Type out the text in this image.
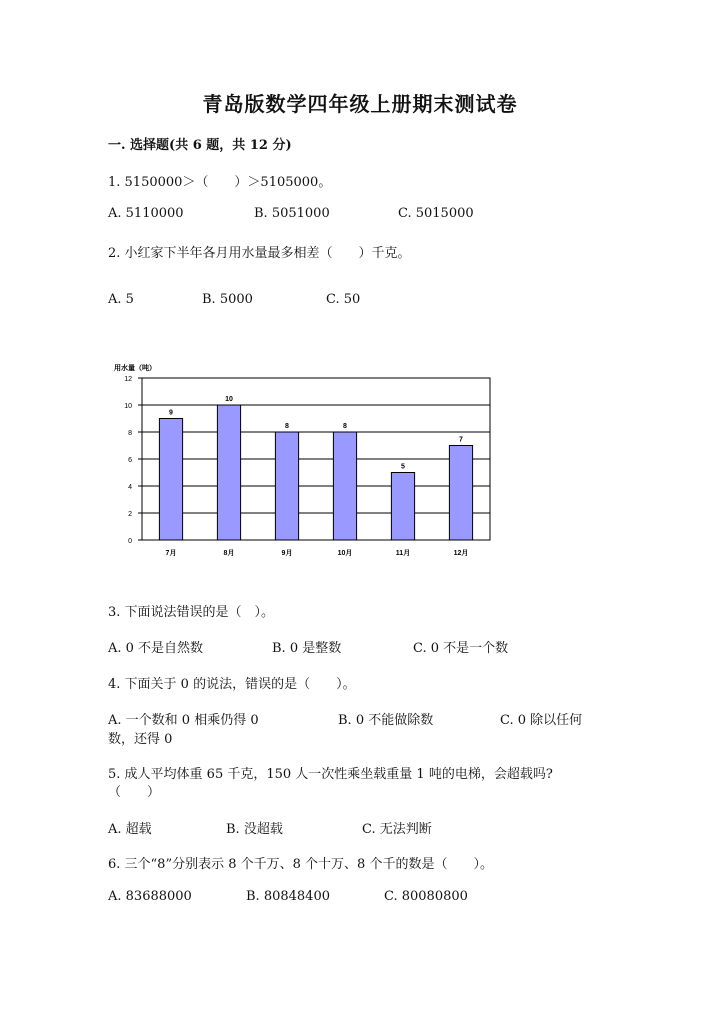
青岛版数学四年级上册期末测试卷
一. 选择题(共 6 题，共 12 分)
1. 5150000＞（　　）＞5105000。
A. 5110000	B. 5051000	C. 5015000
2. 小红家下半年各月用水量最多相差（　　）千克。
A. 5	B. 5000	C. 50
用水量（吨）
0
2
4
6
8
10
12
9
7月
10
8月
8
9月
8
10月
5
11月
7
12月
3. 下面说法错误的是（　）。
A. 0 不是自然数	B. 0 是整数	C. 0 不是一个数
4. 下面关于 0 的说法，错误的是（　　）。
A. 一个数和 0 相乘仍得 0	B. 0 不能做除数	C. 0 除以任何
数，还得 0
5. 成人平均体重 65 千克，150 人一次性乘坐载重量 1 吨的电梯，会超载吗?
（　　）
A. 超载	B. 没超载	C. 无法判断
6. 三个“8”分别表示 8 个千万、8 个十万、8 个千的数是（　　）。
A. 83688000	B. 80848400	C. 80080800
